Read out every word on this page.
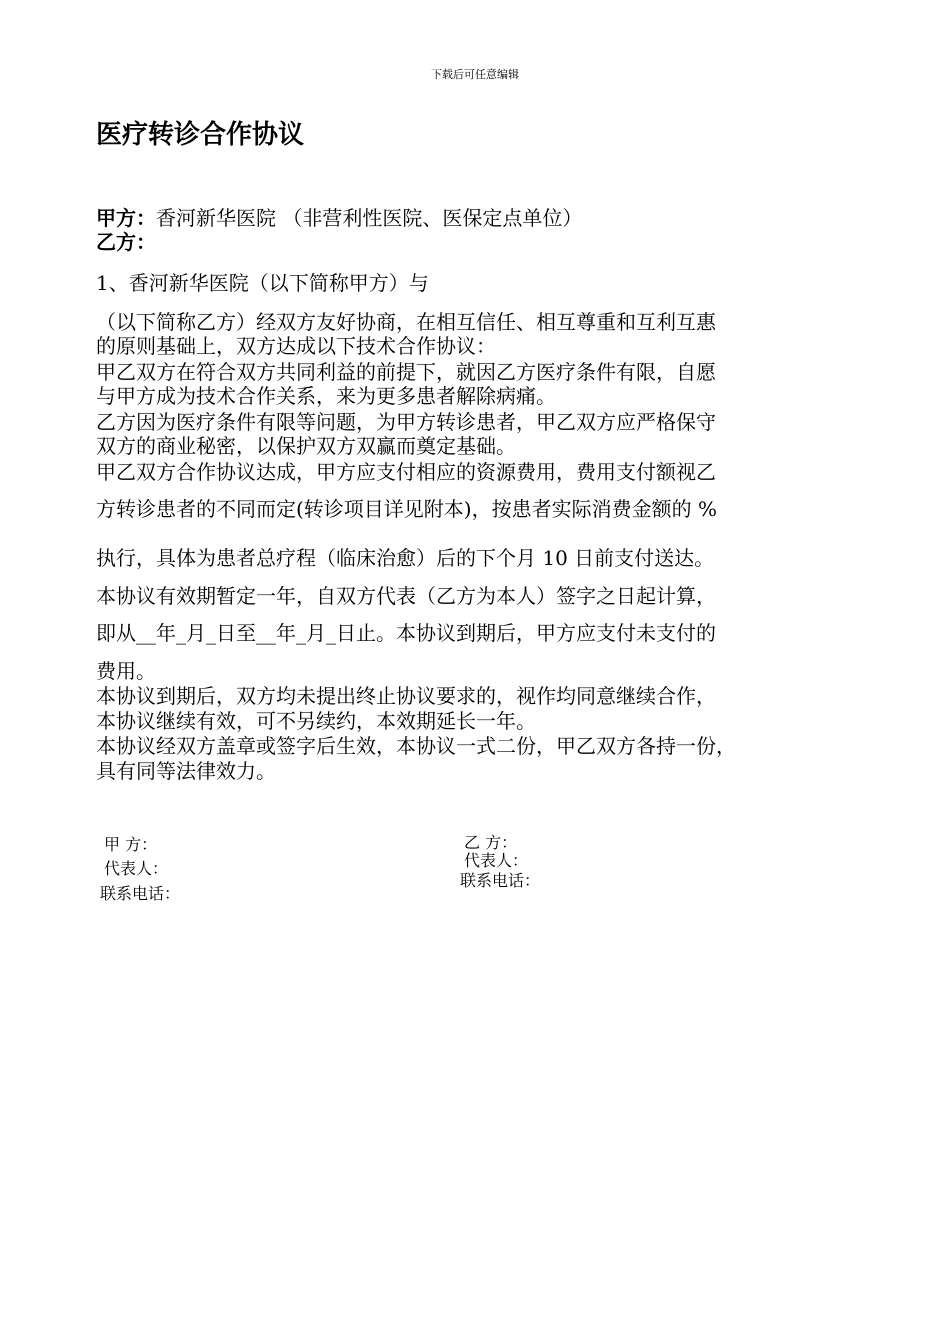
下载后可任意编辑
医疗转诊合作协议
甲方：香河新华医院 （非营利性医院、医保定点单位）
乙方：
1、香河新华医院（以下简称甲方）与
（以下简称乙方）经双方友好协商，在相互信任、相互尊重和互利互惠
的原则基础上，双方达成以下技术合作协议：
甲乙双方在符合双方共同利益的前提下，就因乙方医疗条件有限，自愿
与甲方成为技术合作关系，来为更多患者解除病痛。
乙方因为医疗条件有限等问题，为甲方转诊患者，甲乙双方应严格保守
双方的商业秘密，以保护双方双赢而奠定基础。
甲乙双方合作协议达成，甲方应支付相应的资源费用，费用支付额视乙
方转诊患者的不同而定(转诊项目详见附本)，按患者实际消费金额的 %
执行，具体为患者总疗程（临床治愈）后的下个月 10 日前支付送达。
本协议有效期暂定一年，自双方代表（乙方为本人）签字之日起计算，
即从__年_月_日至__年_月_日止。本协议到期后，甲方应支付未支付的
费用。
本协议到期后，双方均未提出终止协议要求的，视作均同意继续合作，
本协议继续有效，可不另续约，本效期延长一年。
本协议经双方盖章或签字后生效，本协议一式二份，甲乙双方各持一份，
具有同等法律效力。
甲 方：
代表人：
联系电话：
乙 方：
代表人：
联系电话：
